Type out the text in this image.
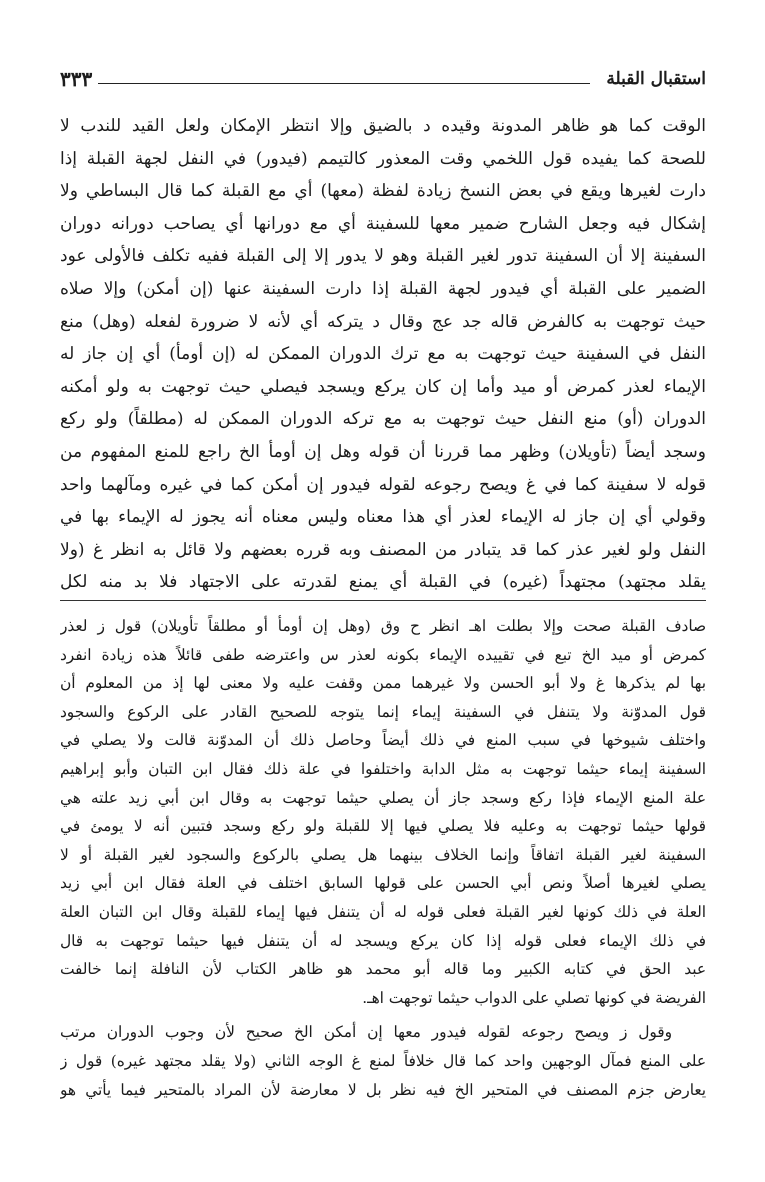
استقبال القبلة
٣٣٣
الوقت كما هو ظاهر المدونة وقيده د بالضيق وإلا انتظر الإمكان ولعل القيد للندب لا
للصحة كما يفيده قول اللخمي وقت المعذور كالتيمم (فيدور) في النفل لجهة القبلة إذا
دارت لغيرها ويقع في بعض النسخ زيادة لفظة (معها) أي مع القبلة كما قال البساطي ولا
إشكال فيه وجعل الشارح ضمير معها للسفينة أي مع دورانها أي يصاحب دورانه دوران
السفينة إلا أن السفينة تدور لغير القبلة وهو لا يدور إلا إلى القبلة ففيه تكلف فالأولى عود
الضمير على القبلة أي فيدور لجهة القبلة إذا دارت السفينة عنها (إن أمكن) وإلا صلاه
حيث توجهت به كالفرض قاله جد عج وقال د يتركه أي لأنه لا ضرورة لفعله (وهل) منع
النفل في السفينة حيث توجهت به مع ترك الدوران الممكن له (إن أومأ) أي إن جاز له
الإيماء لعذر كمرض أو ميد وأما إن كان يركع ويسجد فيصلي حيث توجهت به ولو أمكنه
الدوران (أو) منع النفل حيث توجهت به مع تركه الدوران الممكن له (مطلقاً) ولو ركع
وسجد أيضاً (تأويلان) وظهر مما قررنا أن قوله وهل إن أومأ الخ راجع للمنع المفهوم من
قوله لا سفينة كما في غ ويصح رجوعه لقوله فيدور إن أمكن كما في غيره ومآلهما واحد
وقولي أي إن جاز له الإيماء لعذر أي هذا معناه وليس معناه أنه يجوز له الإيماء بها في
النفل ولو لغير عذر كما قد يتبادر من المصنف وبه قرره بعضهم ولا قائل به انظر غ (ولا
يقلد مجتهد) مجتهداً (غيره) في القبلة أي يمنع لقدرته على الاجتهاد فلا بد منه لكل
صادف القبلة صحت وإلا بطلت اهـ انظر ح وق (وهل إن أومأ أو مطلقاً تأويلان) قول ز لعذر
كمرض أو ميد الخ تبع في تقييده الإيماء بكونه لعذر س واعترضه طفى قائلاً هذه زيادة انفرد
بها لم يذكرها غ ولا أبو الحسن ولا غيرهما ممن وقفت عليه ولا معنى لها إذ من المعلوم أن
قول المدوّنة ولا يتنفل في السفينة إيماء إنما يتوجه للصحيح القادر على الركوع والسجود
واختلف شيوخها في سبب المنع في ذلك أيضاً وحاصل ذلك أن المدوّنة قالت ولا يصلي في
السفينة إيماء حيثما توجهت به مثل الدابة واختلفوا في علة ذلك فقال ابن التبان وأبو إبراهيم
علة المنع الإيماء فإذا ركع وسجد جاز أن يصلي حيثما توجهت به وقال ابن أبي زيد علته هي
قولها حيثما توجهت به وعليه فلا يصلي فيها إلا للقبلة ولو ركع وسجد فتبين أنه لا يومئ في
السفينة لغير القبلة اتفاقاً وإنما الخلاف بينهما هل يصلي بالركوع والسجود لغير القبلة أو لا
يصلي لغيرها أصلاً ونص أبي الحسن على قولها السابق اختلف في العلة فقال ابن أبي زيد
العلة في ذلك كونها لغير القبلة فعلى قوله له أن يتنفل فيها إيماء للقبلة وقال ابن التبان العلة
في ذلك الإيماء فعلى قوله إذا كان يركع ويسجد له أن يتنفل فيها حيثما توجهت به قال
عبد الحق في كتابه الكبير وما قاله أبو محمد هو ظاهر الكتاب لأن النافلة إنما خالفت
الفريضة في كونها تصلي على الدواب حيثما توجهت اهـ.
وقول ز ويصح رجوعه لقوله فيدور معها إن أمكن الخ صحيح لأن وجوب الدوران مرتب
على المنع فمآل الوجهين واحد كما قال خلافاً لمنع غ الوجه الثاني (ولا يقلد مجتهد غيره) قول ز
يعارض جزم المصنف في المتحير الخ فيه نظر بل لا معارضة لأن المراد بالمتحير فيما يأتي هو
